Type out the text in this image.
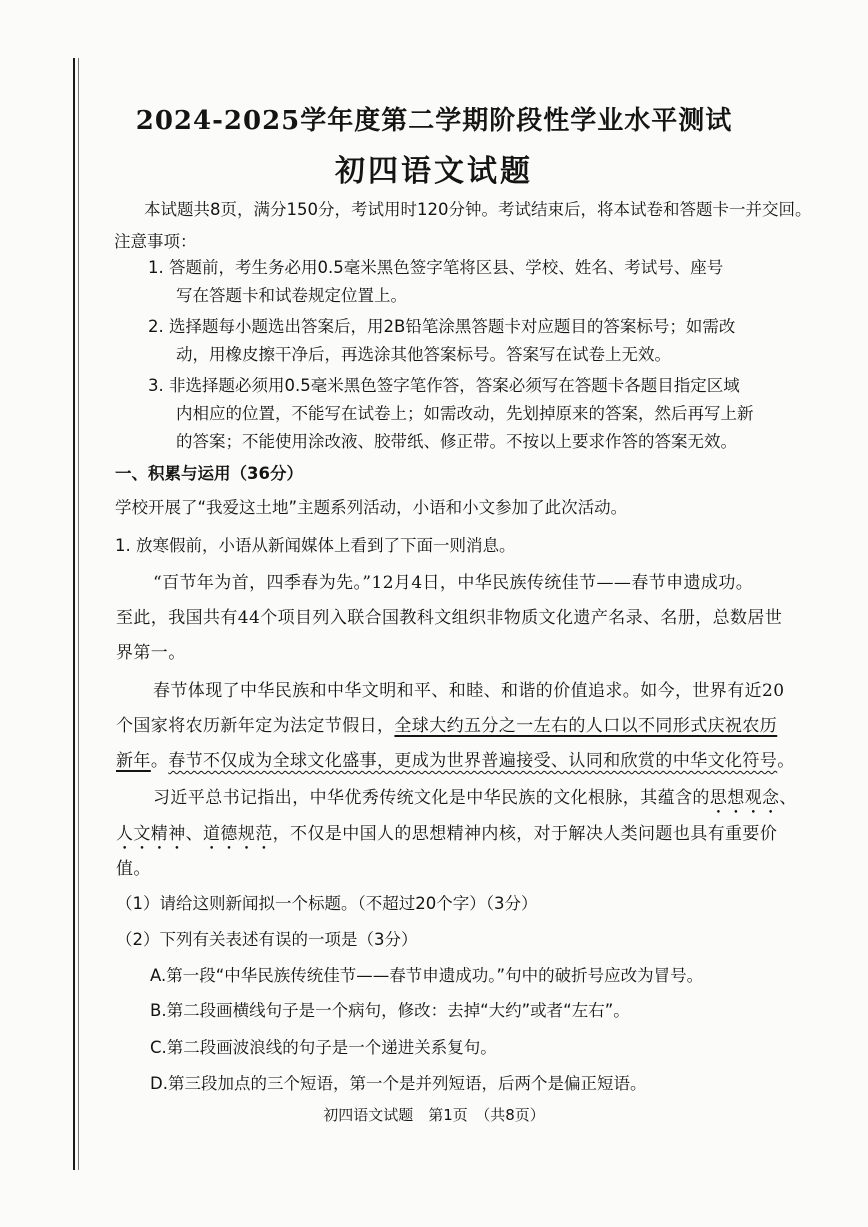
2024-2025学年度第二学期阶段性学业水平测试
初四语文试题
本试题共8页，满分150分，考试用时120分钟。考试结束后，将本试卷和答题卡一并交回。
注意事项：
1. 答题前，考生务必用0.5毫米黑色签字笔将区县、学校、姓名、考试号、座号
写在答题卡和试卷规定位置上。
2. 选择题每小题选出答案后，用2B铅笔涂黑答题卡对应题目的答案标号；如需改
动，用橡皮擦干净后，再选涂其他答案标号。答案写在试卷上无效。
3. 非选择题必须用0.5毫米黑色签字笔作答，答案必须写在答题卡各题目指定区域
内相应的位置，不能写在试卷上；如需改动，先划掉原来的答案，然后再写上新
的答案；不能使用涂改液、胶带纸、修正带。不按以上要求作答的答案无效。
一、积累与运用（36分）
学校开展了“我爱这土地”主题系列活动，小语和小文参加了此次活动。
1. 放寒假前，小语从新闻媒体上看到了下面一则消息。
“百节年为首，四季春为先。”12月4日，中华民族传统佳节——春节申遗成功。
至此，我国共有44个项目列入联合国教科文组织非物质文化遗产名录、名册，总数居世
界第一。
春节体现了中华民族和中华文明和平、和睦、和谐的价值追求。如今，世界有近20
个国家将农历新年定为法定节假日，全球大约五分之一左右的人口以不同形式庆祝农历
新年。春节不仅成为全球文化盛事，更成为世界普遍接受、认同和欣赏的中华文化符号。
习近平总书记指出，中华优秀传统文化是中华民族的文化根脉，其蕴含的思想观念、
人文精神、道德规范，不仅是中国人的思想精神内核，对于解决人类问题也具有重要价
值。
（1）请给这则新闻拟一个标题。（不超过20个字）（3分）
（2）下列有关表述有误的一项是（3分）
A.第一段“中华民族传统佳节——春节申遗成功。”句中的破折号应改为冒号。
B.第二段画横线句子是一个病句，修改：去掉“大约”或者“左右”。
C.第二段画波浪线的句子是一个递进关系复句。
D.第三段加点的三个短语，第一个是并列短语，后两个是偏正短语。
初四语文试题　第1页　（共8页）
